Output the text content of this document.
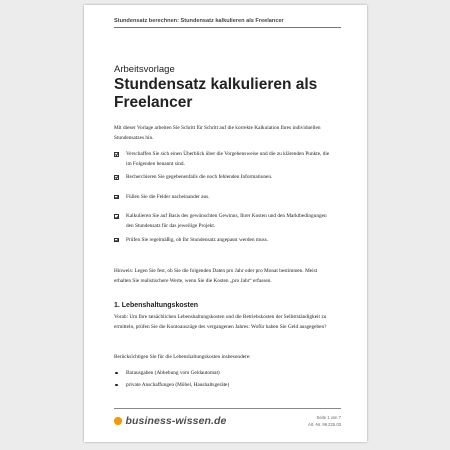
Stundensatz berechnen: Stundensatz kalkulieren als Freelancer
Arbeitsvorlage
Stundensatz kalkulieren als Freelancer
Mit dieser Vorlage arbeiten Sie Schritt für Schritt auf die korrekte Kalkulation Ihres individuellen Stundensatzes hin.
Verschaffen Sie sich einen Überblick über die Vorgehensweise und die zu klärenden Punkte, die im Folgenden benannt sind.
Recherchieren Sie gegebenenfalls die noch fehlenden Informationen.
Füllen Sie die Felder nacheinander aus.
Kalkulieren Sie auf Basis des gewünschten Gewinns, Ihrer Kosten und den Marktbedingungen den Stundensatz für das jeweilige Projekt.
Prüfen Sie regelmäßig, ob Ihr Stundensatz angepasst werden muss.
Hinweis: Legen Sie fest, ob Sie die folgenden Daten pro Jahr oder pro Monat bestimmen. Meist erhalten Sie realistischere Werte, wenn Sie die Kosten „pro Jahr“ erfassen.
1. Lebenshaltungskosten
Vorab: Um Ihre tatsächlichen Lebenshaltungskosten und die Betriebskosten der Selbstständigkeit zu ermitteln, prüfen Sie die Kontoauszüge des vergangenen Jahres: Wofür haben Sie Geld ausgegeben?
Berücksichtigen Sie für die Lebenshaltungskosten insbesondere:
Barausgaben (Abhebung vom Geldautomat)
private Anschaffungen (Möbel, Haushaltsgeräte)
business-wissen.de	Seite 1 von 7
Art.-Nr. 99.225.03
